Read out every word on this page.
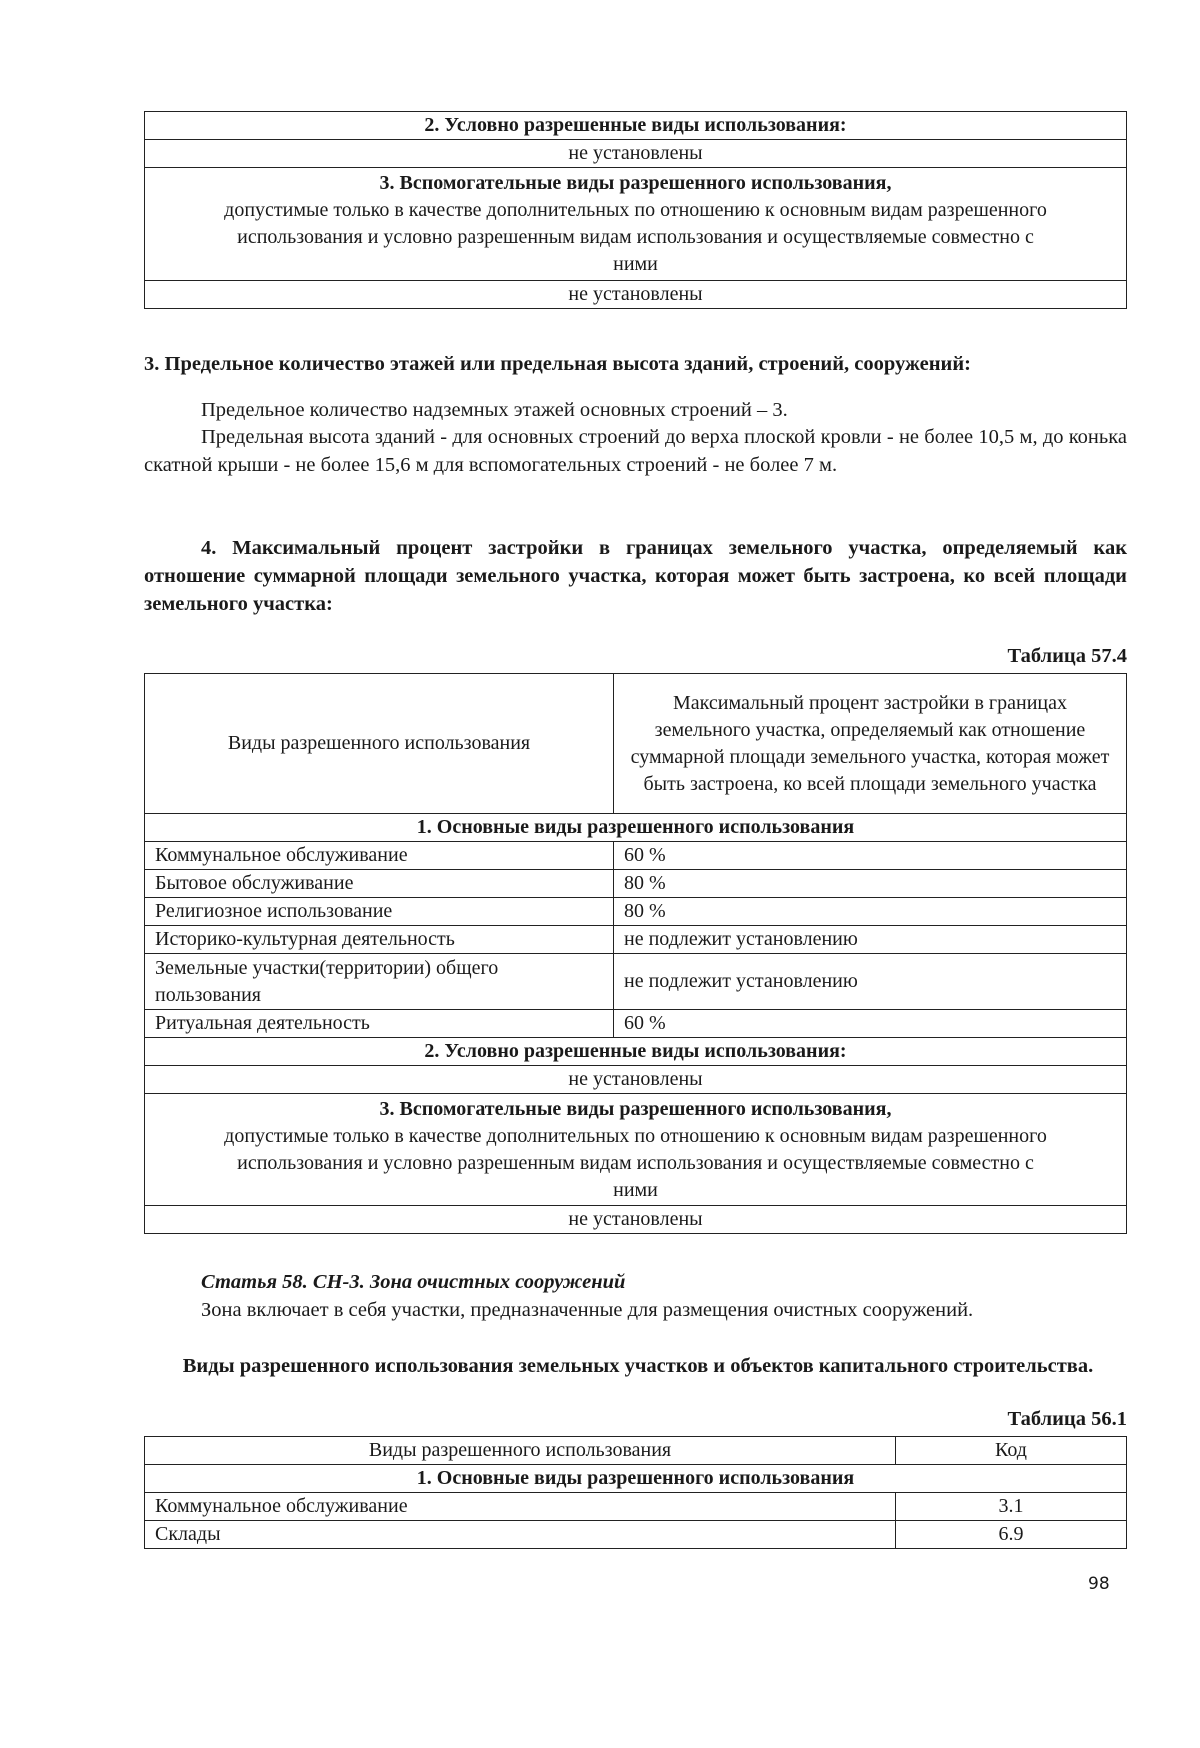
2. Условно разрешенные виды использования:
не установлены
3. Вспомогательные виды разрешенного использования,
допустимые только в качестве дополнительных по отношению к основным видам разрешенного использования и условно разрешенным видам использования и осуществляемые совместно с ними

не установлены
3. Предельное количество этажей или предельная высота зданий, строений, сооружений:
Предельное количество надземных этажей основных строений – 3.
Предельная высота зданий - для основных строений до верха плоской кровли - не более 10,5 м, до конька скатной крыши - не более 15,6 м для вспомогательных строений - не более 7 м.
4. Максимальный процент застройки в границах земельного участка, определяемый как отношение суммарной площади земельного участка, которая может быть застроена, ко всей площади земельного участка:
Таблица 57.4
Виды разрешенного использования	Максимальный процент застройки в границах земельного участка, определяемый как отношение суммарной площади земельного участка, которая может быть застроена, ко всей площади земельного участка
1. Основные виды разрешенного использования	
Коммунальное обслуживание	60 %
Бытовое обслуживание	80 %
Религиозное использование	80 %
Историко-культурная деятельность	не подлежит установлению
Земельные участки(территории) общего пользования	не подлежит установлению
Ритуальная деятельность	60 %
2. Условно разрешенные виды использования:	
не установлены	
3. Вспомогательные виды разрешенного использования,
допустимые только в качестве дополнительных по отношению к основным видам разрешенного использования и условно разрешенным видам использования и осуществляемые совместно с ними	

не установлены	
Статья 58. СН-3. Зона очистных сооружений
Зона включает в себя участки, предназначенные для размещения очистных сооружений.
Виды разрешенного использования земельных участков и объектов капитального строительства.
Таблица 56.1
Виды разрешенного использования	Код
1. Основные виды разрешенного использования	
Коммунальное обслуживание	3.1
Склады	6.9
98
